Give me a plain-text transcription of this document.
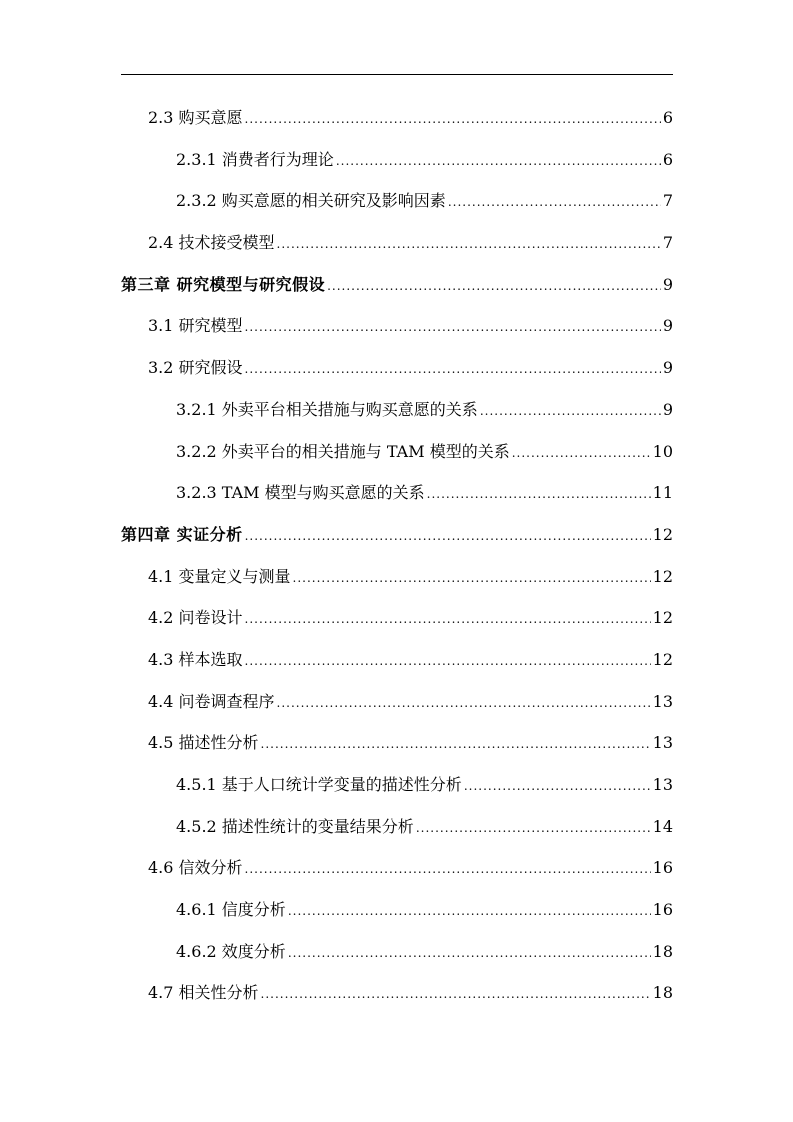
2.3 购买意愿 .....	6
2.3.1 消费者行为理论 .....	6
2.3.2 购买意愿的相关研究及影响因素 .....	7
2.4 技术接受模型 .....	7
第三章 研究模型与研究假设 .....	9
3.1 研究模型 .....	9
3.2 研究假设 .....	9
3.2.1 外卖平台相关措施与购买意愿的关系 .....	9
3.2.2 外卖平台的相关措施与 TAM 模型的关系 .....	10
3.2.3 TAM 模型与购买意愿的关系 .....	11
第四章 实证分析 .....	12
4.1 变量定义与测量 .....	12
4.2 问卷设计 .....	12
4.3 样本选取 .....	12
4.4 问卷调查程序 .....	13
4.5 描述性分析 .....	13
4.5.1 基于人口统计学变量的描述性分析 .....	13
4.5.2 描述性统计的变量结果分析 .....	14
4.6 信效分析 .....	16
4.6.1 信度分析 .....	16
4.6.2 效度分析 .....	18
4.7 相关性分析 .....	18
